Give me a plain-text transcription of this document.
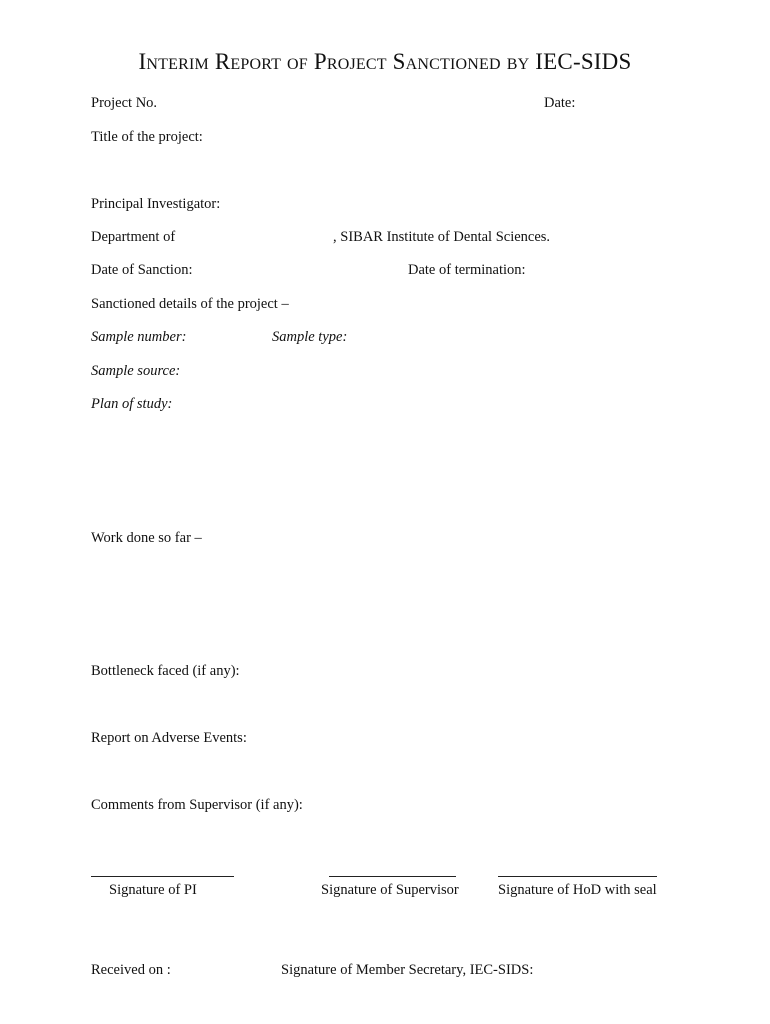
Interim Report of Project Sanctioned by IEC-SIDS
Project No.	Date:
Title of the project:
Principal Investigator:
Department of	, SIBAR Institute of Dental Sciences.
Date of Sanction:	Date of termination:
Sanctioned details of the project –
Sample number:	Sample type:
Sample source:
Plan of study:
Work done so far –
Bottleneck faced (if any):
Report on Adverse Events:
Comments from Supervisor (if any):
Signature of PI	Signature of Supervisor	Signature of HoD with seal
Received on :	Signature of Member Secretary, IEC-SIDS:
